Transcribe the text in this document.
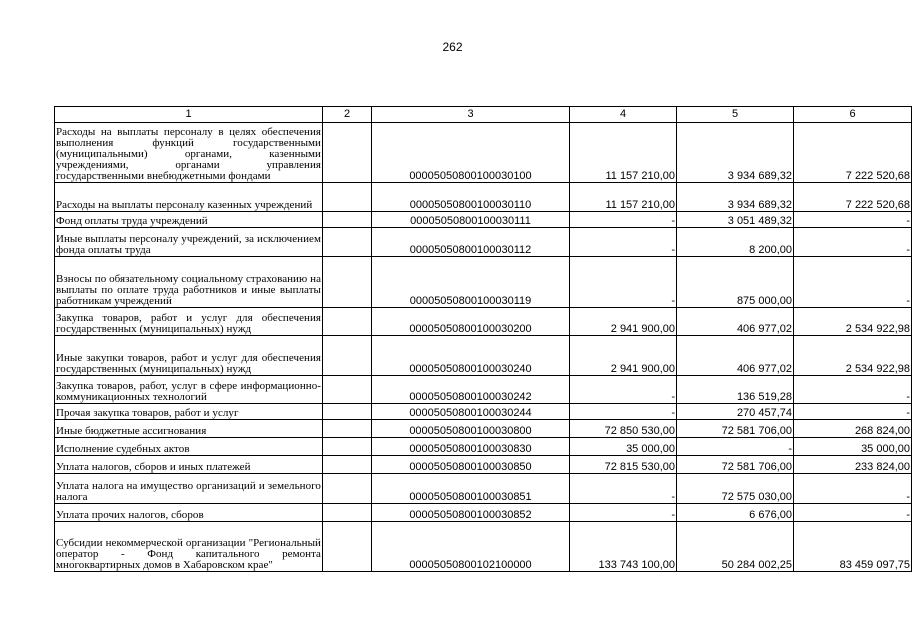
262
1	2	3	4	5	6
Расходы на выплаты персоналу в целях обеспечения выполнения функций государственными (муниципальными) органами, казенными учреждениями, органами управления государственными внебюджетными фондами		00005050800100030100	11 157 210,00	3 934 689,32	7 222 520,68
Расходы на выплаты персоналу казенных учреждений		00005050800100030110	11 157 210,00	3 934 689,32	7 222 520,68
Фонд оплаты труда учреждений		00005050800100030111	-	3 051 489,32	-
Иные выплаты персоналу учреждений, за исключением фонда оплаты труда		00005050800100030112	-	8 200,00	-
Взносы по обязательному социальному страхованию на выплаты по оплате труда работников и иные выплаты работникам учреждений		00005050800100030119	-	875 000,00	-
Закупка товаров, работ и услуг для обеспечения государственных (муниципальных) нужд		00005050800100030200	2 941 900,00	406 977,02	2 534 922,98
Иные закупки товаров, работ и услуг для обеспечения государственных (муниципальных) нужд		00005050800100030240	2 941 900,00	406 977,02	2 534 922,98
Закупка товаров, работ, услуг в сфере информационно-коммуникационных технологий		00005050800100030242	-	136 519,28	-
Прочая закупка товаров, работ и услуг		00005050800100030244	-	270 457,74	-
Иные бюджетные ассигнования		00005050800100030800	72 850 530,00	72 581 706,00	268 824,00
Исполнение судебных актов		00005050800100030830	35 000,00	-	35 000,00
Уплата налогов, сборов и иных платежей		00005050800100030850	72 815 530,00	72 581 706,00	233 824,00
Уплата налога на имущество организаций и земельного налога		00005050800100030851	-	72 575 030,00	-
Уплата прочих налогов, сборов		00005050800100030852	-	6 676,00	-
Субсидии некоммерческой организации "Региональный оператор - Фонд капитального ремонта многоквартирных домов в Хабаровском крае"		00005050800102100000	133 743 100,00	50 284 002,25	83 459 097,75
